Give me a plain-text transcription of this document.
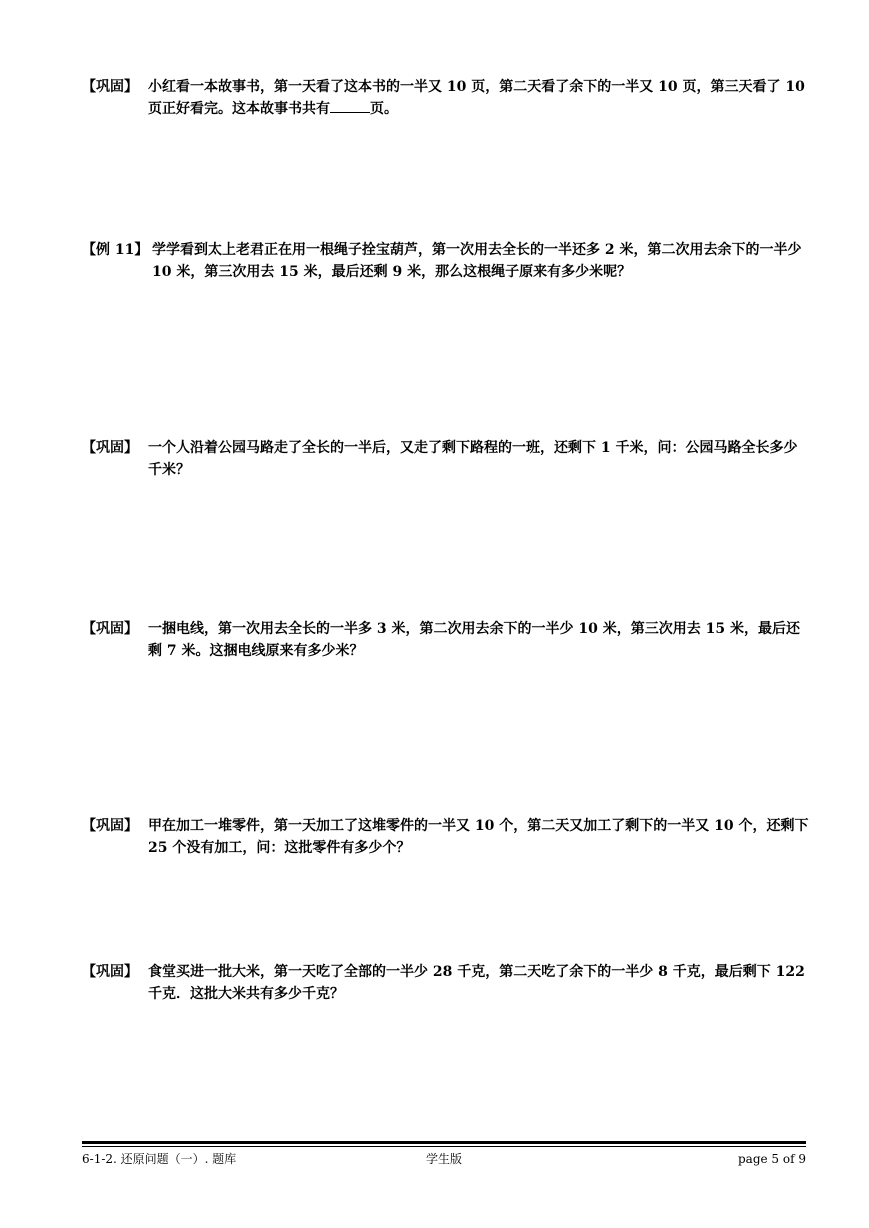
【巩固】 小红看一本故事书，第一天看了这本书的一半又 10 页，第二天看了余下的一半又 10 页，第三天看了 10 页正好看完。这本故事书共有	页。
【例 11】 学学看到太上老君正在用一根绳子拴宝葫芦，第一次用去全长的一半还多 2 米，第二次用去余下的一半少 10 米，第三次用去 15 米，最后还剩 9 米，那么这根绳子原来有多少米呢？
【巩固】 一个人沿着公园马路走了全长的一半后，又走了剩下路程的一班，还剩下 1 千米，问：公园马路全长多少千米？
【巩固】 一捆电线，第一次用去全长的一半多 3 米，第二次用去余下的一半少 10 米，第三次用去 15 米，最后还剩 7 米。这捆电线原来有多少米？
【巩固】 甲在加工一堆零件，第一天加工了这堆零件的一半又 10 个，第二天又加工了剩下的一半又 10 个，还剩下 25 个没有加工，问：这批零件有多少个？
【巩固】 食堂买进一批大米，第一天吃了全部的一半少 28 千克，第二天吃了余下的一半少 8 千克，最后剩下 122 千克．这批大米共有多少千克？
6-1-2. 还原问题（一）. 题库	学生版	page 5 of 9
